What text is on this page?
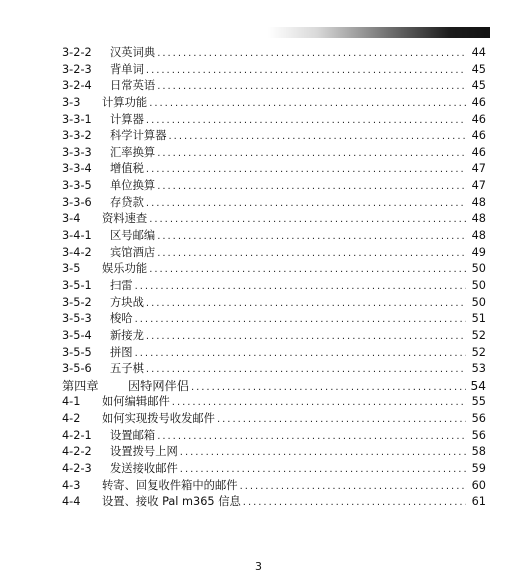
3-2-2	汉英词典 . . .	44
3-2-3	背单词 . . .	45
3-2-4	日常英语 . . .	45
3-3	计算功能 . . .	46
3-3-1	计算器 . . .	46
3-3-2	科学计算器 . . .	46
3-3-3	汇率换算 . . .	46
3-3-4	增值税 . . .	47
3-3-5	单位换算 . . .	47
3-3-6	存贷款 . . .	48
3-4	资料速查 . . .	48
3-4-1	区号邮编 . . .	48
3-4-2	宾馆酒店 . . .	49
3-5	娱乐功能 . . .	50
3-5-1	扫雷 . . .	50
3-5-2	方块战 . . .	50
3-5-3	梭哈 . . .	51
3-5-4	新接龙 . . .	52
3-5-5	拼图 . . .	52
3-5-6	五子棋 . . .	53
第四章	因特网伴侣 . . .	54
4-1	如何编辑邮件 . . .	55
4-2	如何实现拨号收发邮件 . . .	56
4-2-1	设置邮箱 . . .	56
4-2-2	设置拨号上网 . . .	58
4-2-3	发送接收邮件 . . .	59
4-3	转寄、回复收件箱中的邮件 . . .	60
4-4	设置、接收 Pal m365 信息 . . .	61
3
